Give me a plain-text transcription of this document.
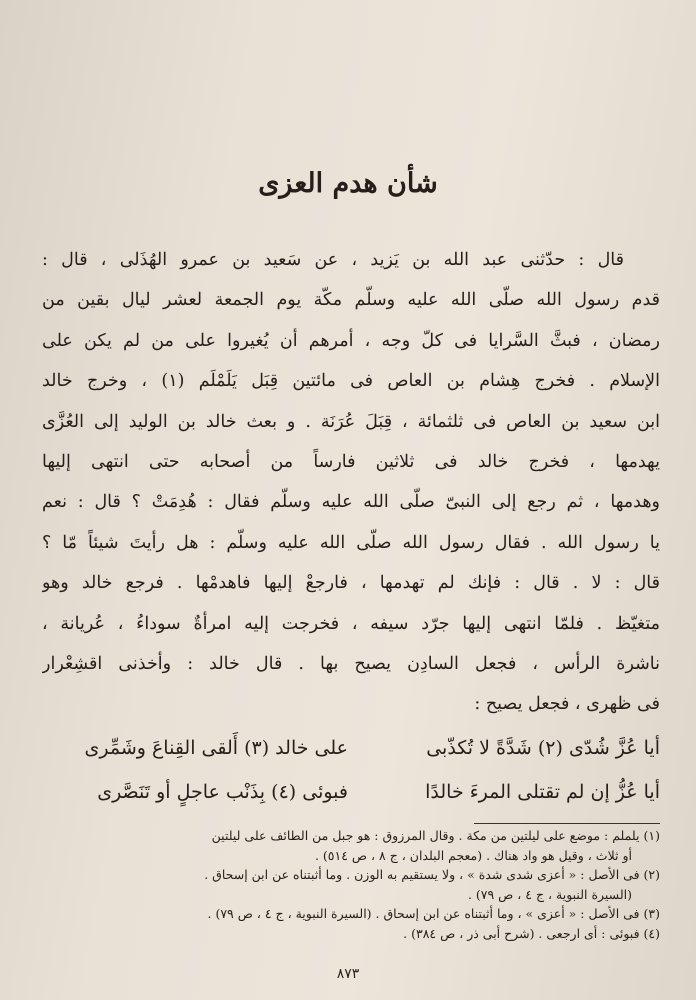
شأن هدم العزى
قال : حدّثنى عبد الله بن يَزيد ، عن سَعيد بن عمرو الهُذَلى ، قال :
قدم رسول الله صلّى الله عليه وسلّم مكّة يوم الجمعة لعشر ليال بقين من
رمضان ، فبثَّ السَّرايا فى كلّ وجه ، أمرهم أن يُغيروا على من لم يكن على
الإسلام . فخرج هِشام بن العاص فى مائتين قِبَل يَلَمْلَم (١) ، وخرج خالد
ابن سعيد بن العاص فى ثلثمائة ، قِبَلَ عُرَنَة . و بعث خالد بن الوليد إلى العُزَّى
يهدمها ، فخرج خالد فى ثلاثين فارساً من أصحابه حتى انتهى إليها
وهدمها ، ثم رجع إلى النبىّ صلّى الله عليه وسلّم فقال : هُدِمَتْ ؟ قال : نعم
يا رسول الله . فقال رسول الله صلّى الله عليه وسلّم : هل رأيتَ شيئاً مّا ؟
قال : لا . قال : فإنك لم تهدمها ، فارجعْ إليها فاهدمْها . فرجع خالد وهو
متغيّظ . فلمّا انتهى إليها جرّد سيفه ، فخرجت إليه امرأةٌ سوداءُ ، عُريانة ،
ناشرة الرأس ، فجعل السادِن يصيح بها . قال خالد : وأخذنى اقشِعْرار
فى ظهرى ، فجعل يصيح :
أيا عُزَّ شُدّى (٢) شَدَّةً لا تُكذّبى
على خالد (٣) أَلقى القِناعَ وشَمِّرى
أيا عُزُّ إن لم تقتلى المرءَ خالدًا
فبوئى (٤) بِذَنْب عاجلٍ أو تَنَصَّرى
(١) يلملم : موضع على ليلتين من مكة . وقال المرزوق : هو جبل من الطائف على ليلتين
أو ثلاث ، وقيل هو واد هناك . (معجم البلدان ، ج ٨ ، ص ٥١٤) .
(٢) فى الأصل : « أعزى شدى شدة » ، ولا يستقيم به الوزن . وما أثبتناه عن ابن إسحاق .
(السيرة النبوية ، ج ٤ ، ص ٧٩) .
(٣) فى الأصل : « أعزى » ، وما أثبتناه عن ابن إسحاق . (السيرة النبوية ، ج ٤ ، ص ٧٩) .
(٤) فبوئى : أى ارجعى . (شرح أبى ذر ، ص ٣٨٤) .
٨٧٣
